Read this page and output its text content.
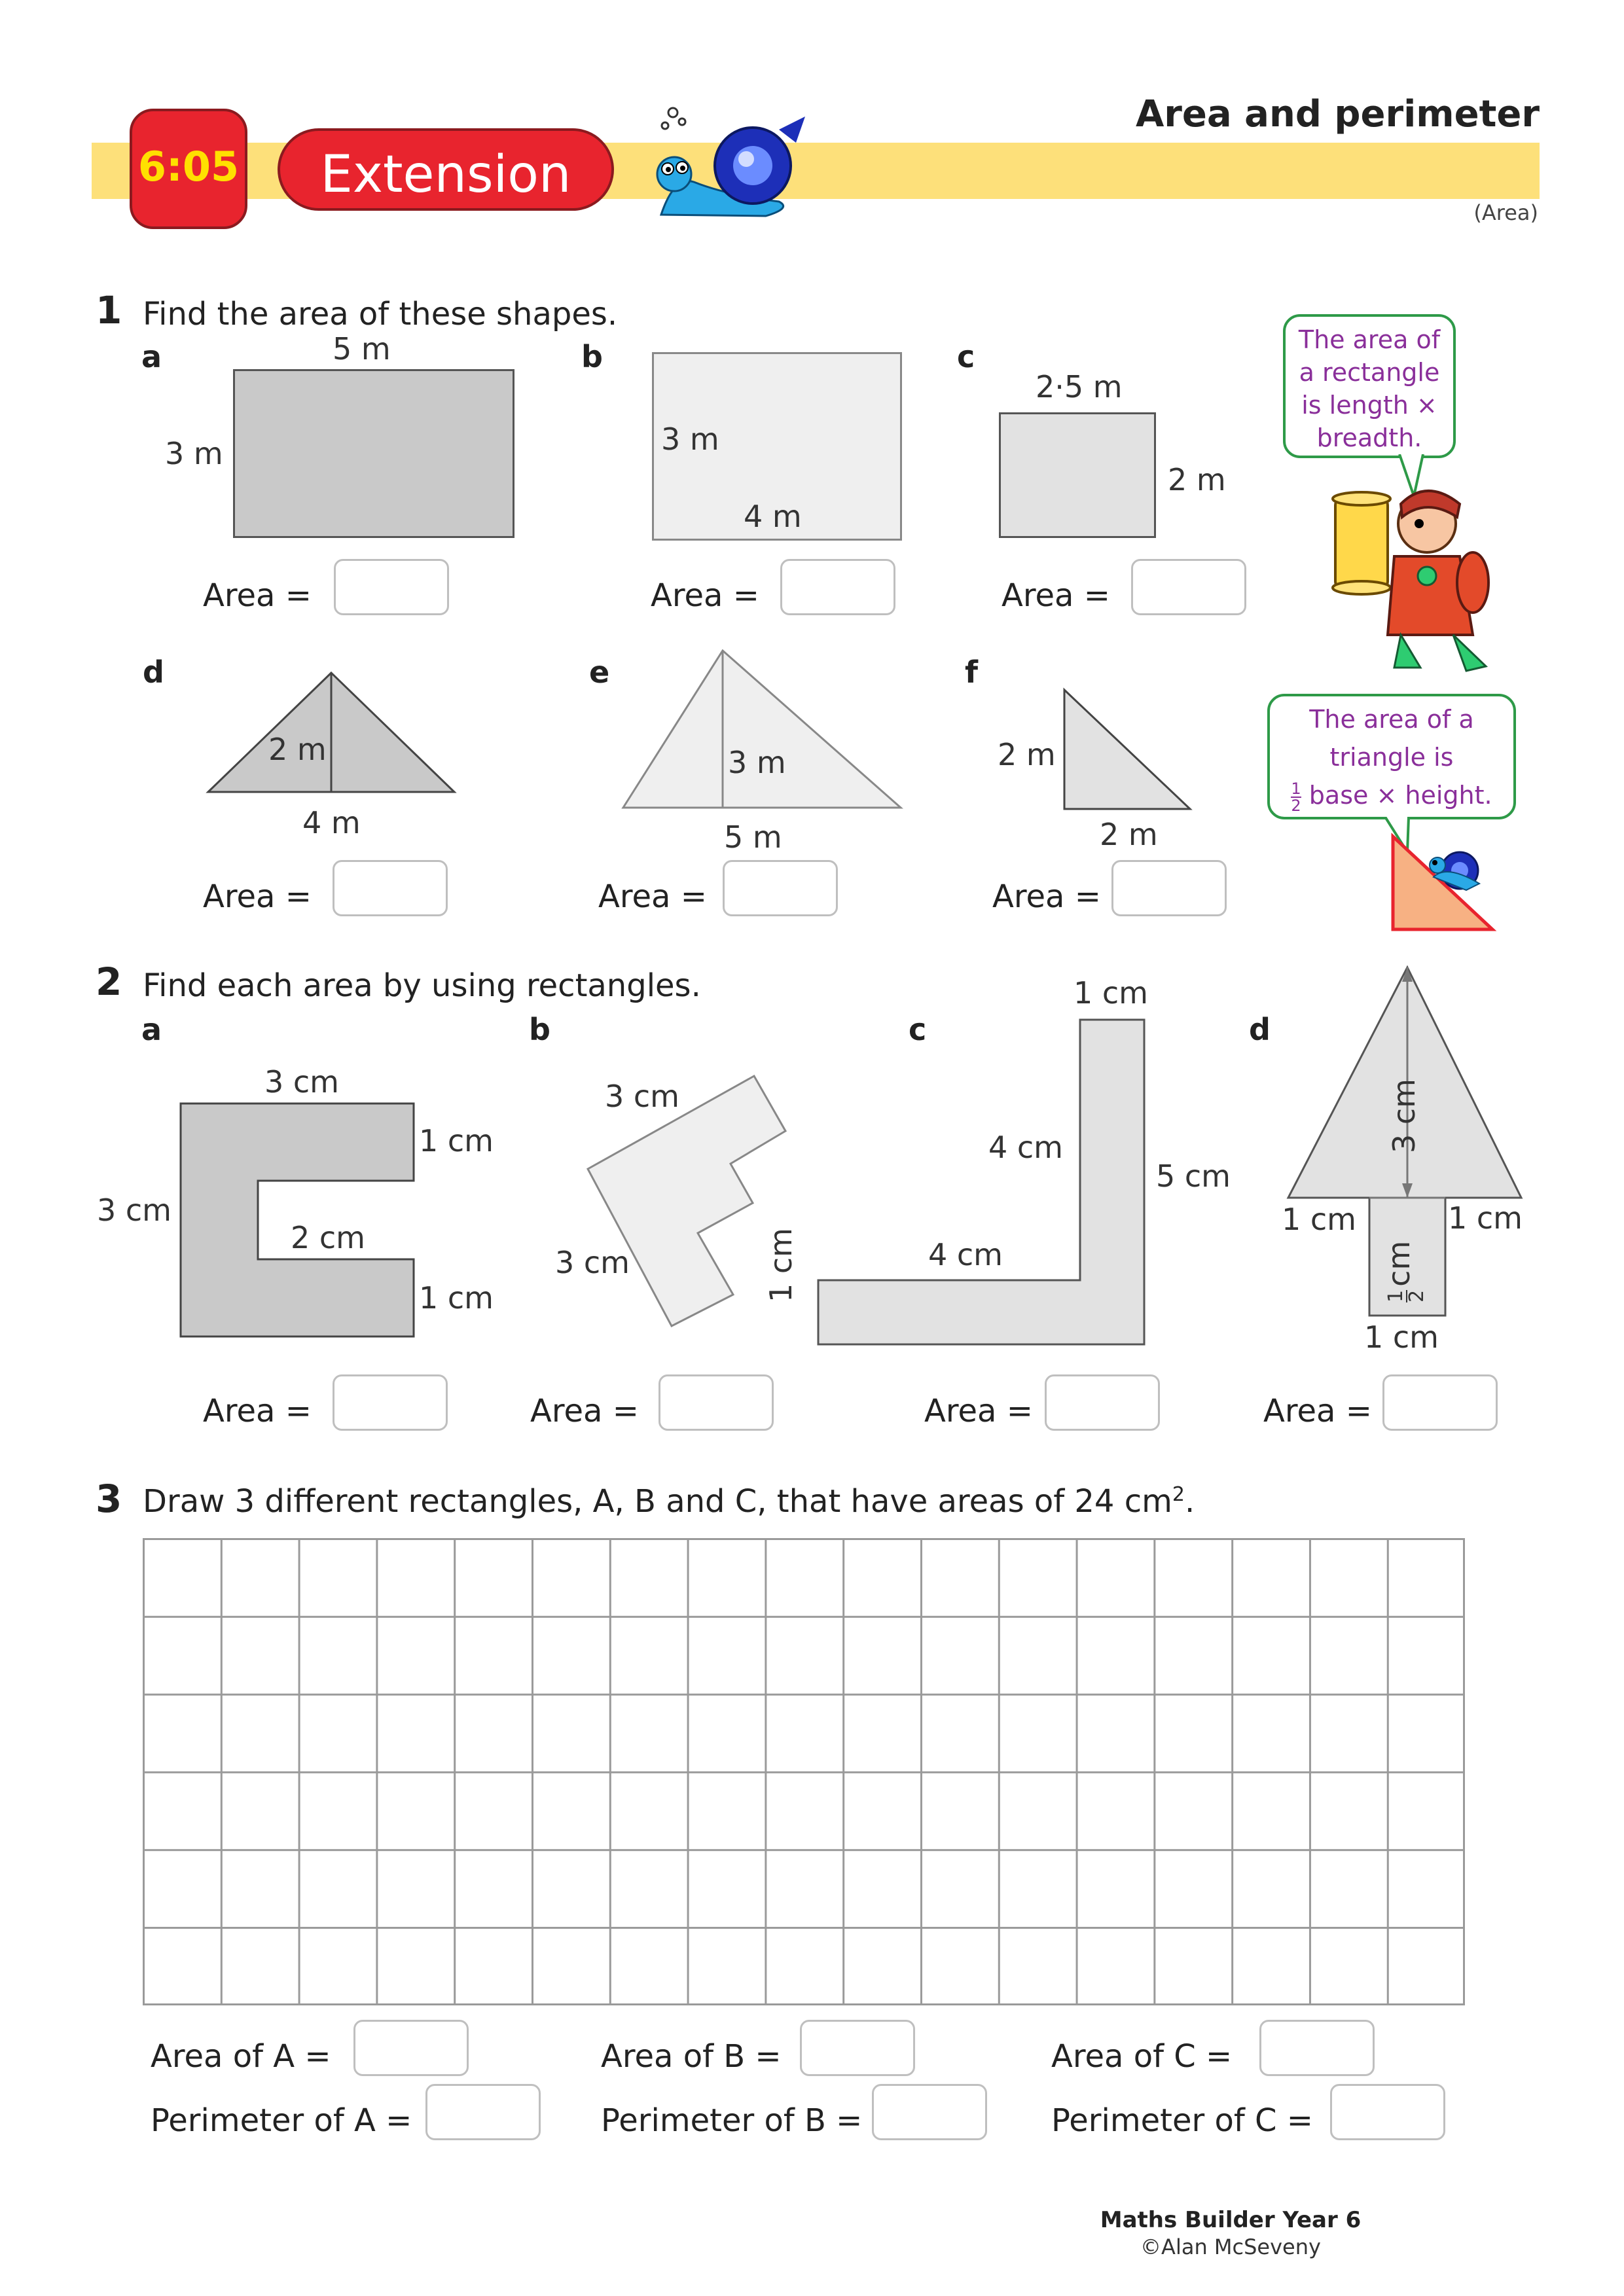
6:05	Extension
Area and perimeter
(Area)
1 Find the area of these shapes.
a	5 m
3 m
Area =
b
3 m
4 m
Area =
c
2·5 m
2 m
Area =
The area of
a rectangle
is length ×
breadth.
d
2 m
4 m
Area =
e
3 m
5 m
Area =
f
2 m
2 m
Area =
The area of a
triangle is
$\frac{1}{2}$ base × height.
2 Find each area by using rectangles.
a
3 cm
1 cm
3 cm
2 cm
1 cm
Area =
b
3 cm
3 cm
Area =
c
1 cm
4 cm
5 cm
4 cm
1 cm
Area =
d
3 cm
1 cm	1 cm
1 cm
1
2
cm
Area =
3 Draw 3 different rectangles, A, B and C, that have areas of 24 $cm^2$.
Area of A =
Perimeter of A =
Area of B =
Perimeter of B =
Area of C =
Perimeter of C =
Maths Builder Year 6
©Alan McSeveny
